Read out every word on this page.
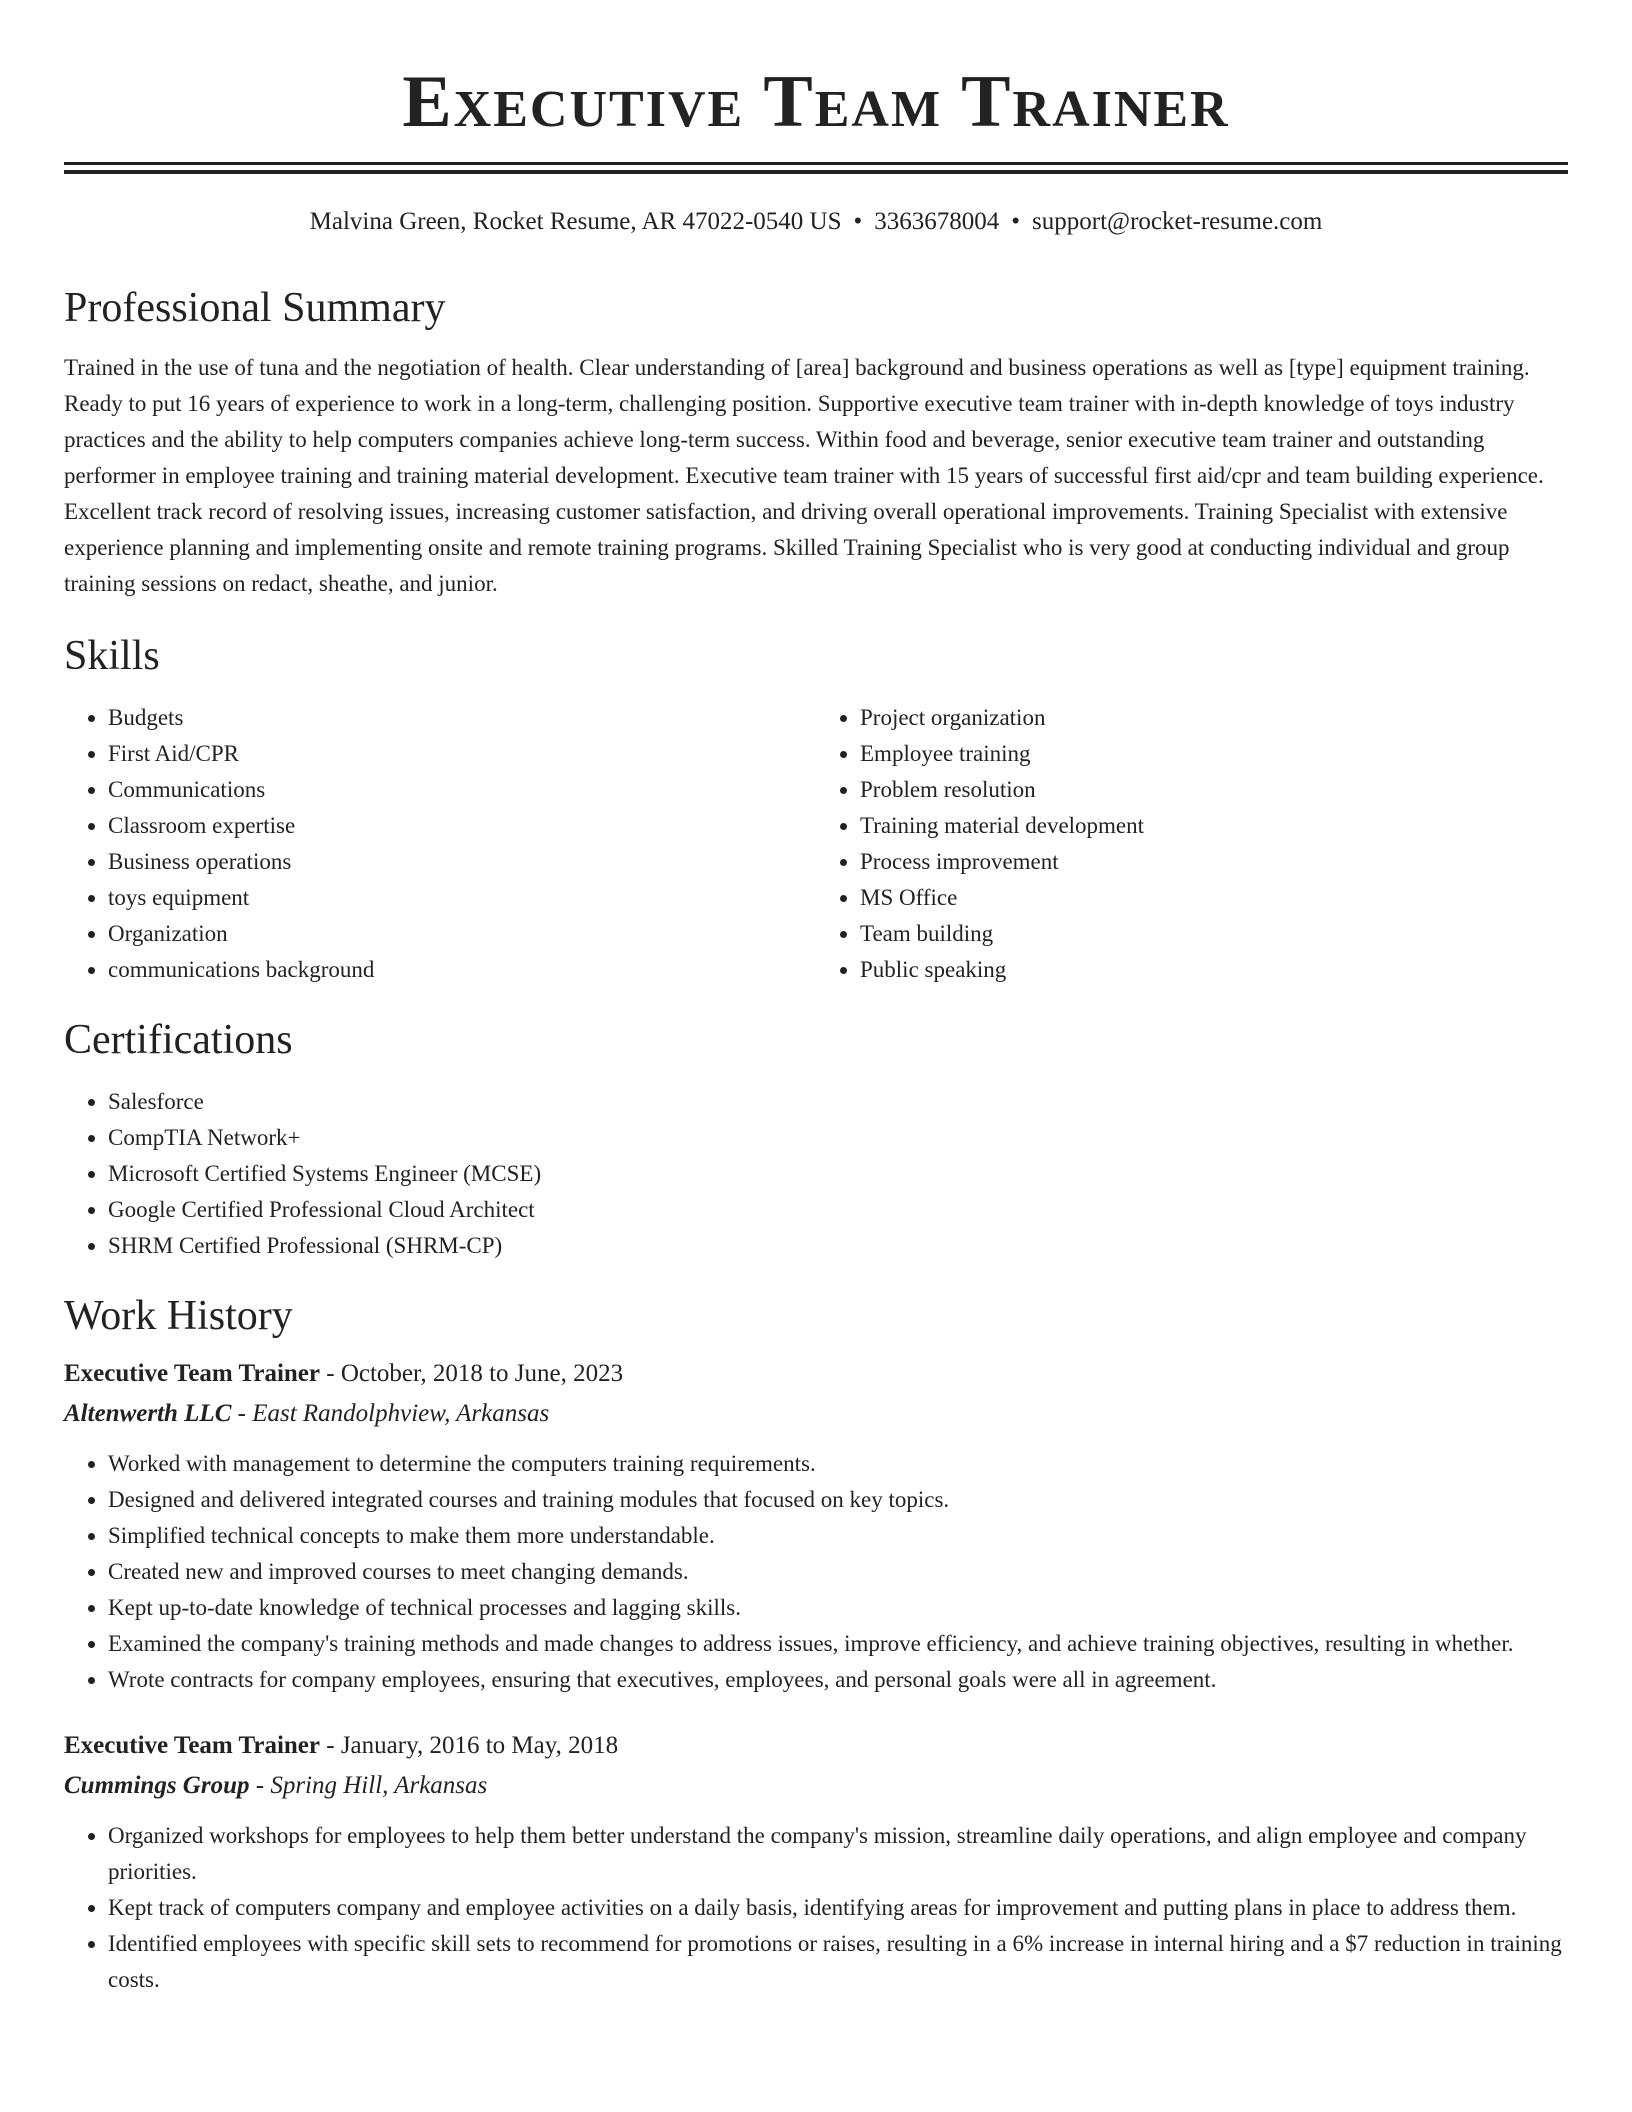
Executive Team Trainer
Malvina Green, Rocket Resume, AR 47022-0540 US • 3363678004 • support@rocket-resume.com
Professional Summary

Trained in the use of tuna and the negotiation of health. Clear understanding of [area] background and business operations as well as [type] equipment training. Ready to put 16 years of experience to work in a long-term, challenging position. Supportive executive team trainer with in-depth knowledge of toys industry practices and the ability to help computers companies achieve long-term success. Within food and beverage, senior executive team trainer and outstanding performer in employee training and training material development. Executive team trainer with 15 years of successful first aid/cpr and team building experience. Excellent track record of resolving issues, increasing customer satisfaction, and driving overall operational improvements. Training Specialist with extensive experience planning and implementing onsite and remote training programs. Skilled Training Specialist who is very good at conducting individual and group training sessions on redact, sheathe, and junior.

Skills
• Budgets
• First Aid/CPR
• Communications
• Classroom expertise
• Business operations
• toys equipment
• Organization
• communications background
• Project organization
• Employee training
• Problem resolution
• Training material development
• Process improvement
• MS Office
• Team building
• Public speaking
Certifications
• Salesforce
• CompTIA Network+
• Microsoft Certified Systems Engineer (MCSE)
• Google Certified Professional Cloud Architect
• SHRM Certified Professional (SHRM-CP)
Work History
Executive Team Trainer - October, 2018 to June, 2023
Altenwerth LLC - East Randolphview, Arkansas
• Worked with management to determine the computers training requirements.
• Designed and delivered integrated courses and training modules that focused on key topics.
• Simplified technical concepts to make them more understandable.
• Created new and improved courses to meet changing demands.
• Kept up-to-date knowledge of technical processes and lagging skills.
• Examined the company's training methods and made changes to address issues, improve efficiency, and achieve training objectives, resulting in whether.
• Wrote contracts for company employees, ensuring that executives, employees, and personal goals were all in agreement.
Executive Team Trainer - January, 2016 to May, 2018
Cummings Group - Spring Hill, Arkansas
• Organized workshops for employees to help them better understand the company's mission, streamline daily operations, and align employee and company priorities.
• Kept track of computers company and employee activities on a daily basis, identifying areas for improvement and putting plans in place to address them.
• Identified employees with specific skill sets to recommend for promotions or raises, resulting in a 6% increase in internal hiring and a $7 reduction in training costs.
